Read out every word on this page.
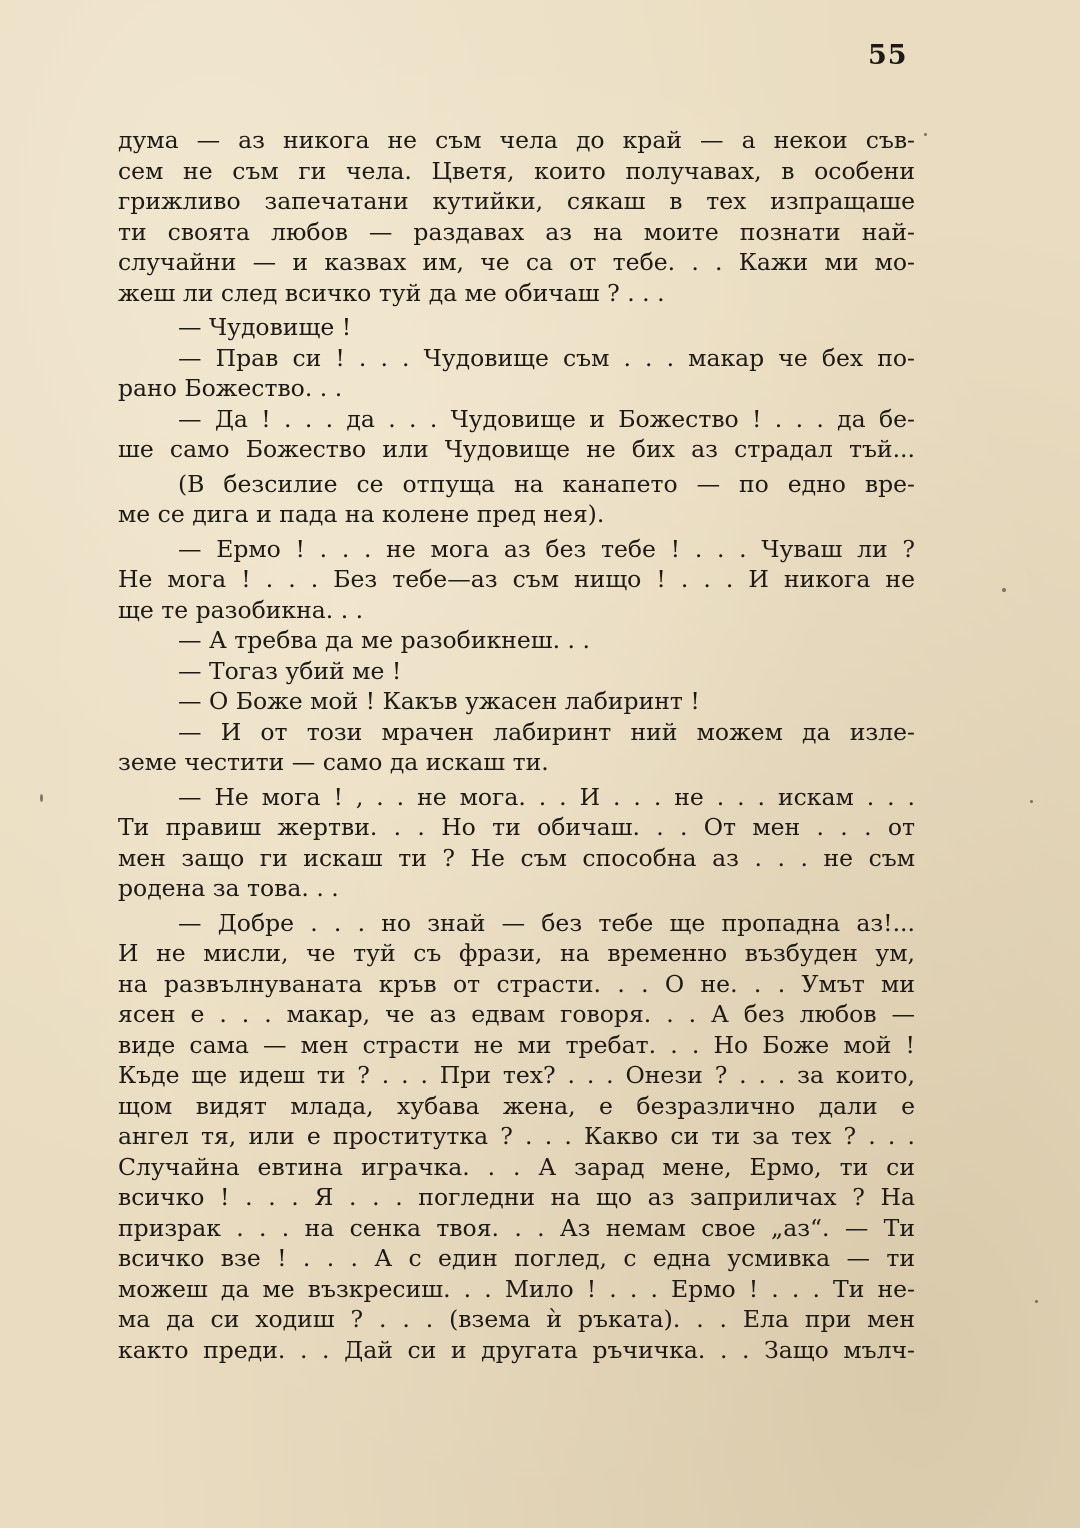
55
дума — аз никога не съм чела до край — а некои съв-
сем не съм ги чела. Цветя, които получавах, в особени
грижливо запечатани кутийки, сякаш в тех изпращаше
ти своята любов — раздавах аз на моите познати най-
случайни — и казвах им, че са от тебе. . . Кажи ми мо-
жеш ли след всичко туй да ме обичаш ? . . .
— Чудовище !
— Прав си ! . . . Чудовище съм . . . макар че бех по-
рано Божество. . .
— Да ! . . . да . . . Чудовище и Божество ! . . . да бе-
ше само Божество или Чудовище не бих аз страдал тъй...
(В безсилие се отпуща на канапето — по едно вре-
ме се дига и пада на колене пред нея).
— Ермо ! . . . не мога аз без тебе ! . . . Чуваш ли ?
Не мога ! . . . Без тебе—аз съм нищо ! . . . И никога не
ще те разобикна. . .
— А требва да ме разобикнеш. . .
— Тогаз убий ме !
— О Боже мой ! Какъв ужасен лабиринт !
— И от този мрачен лабиринт ний можем да изле-
земе честити — само да искаш ти.
— Не мога ! , . . не мога. . . И . . . не . . . искам . . .
Ти правиш жертви. . . Но ти обичаш. . . От мен . . . от
мен защо ги искаш ти ? Не съм способна аз . . . не съм
родена за това. . .
— Добре . . . но знай — без тебе ще пропадна аз!...
И не мисли, че туй съ фрази, на временно възбуден ум,
на развълнуваната кръв от страсти. . . О не. . . Умът ми
ясен е . . . макар, че аз едвам говоря. . . А без любов —
виде сама — мен страсти не ми требат. . . Но Боже мой !
Къде ще идеш ти ? . . . При тех? . . . Онези ? . . . за които,
щом видят млада, хубава жена, е безразлично дали е
ангел тя, или е проститутка ? . . . Какво си ти за тех ? . . .
Случайна евтина играчка. . . А зарад мене, Ермо, ти си
всичко ! . . . Я . . . погледни на що аз заприличах ? На
призрак . . . на сенка твоя. . . Аз немам свое „аз“. — Ти
всичко взе ! . . . А с един поглед, с една усмивка — ти
можеш да ме възкресиш. . . Мило ! . . . Ермо ! . . . Ти не-
ма да си ходиш ? . . . (взема ѝ ръката). . . Ела при мен
както преди. . . Дай си и другата ръчичка. . . Защо мълч-
